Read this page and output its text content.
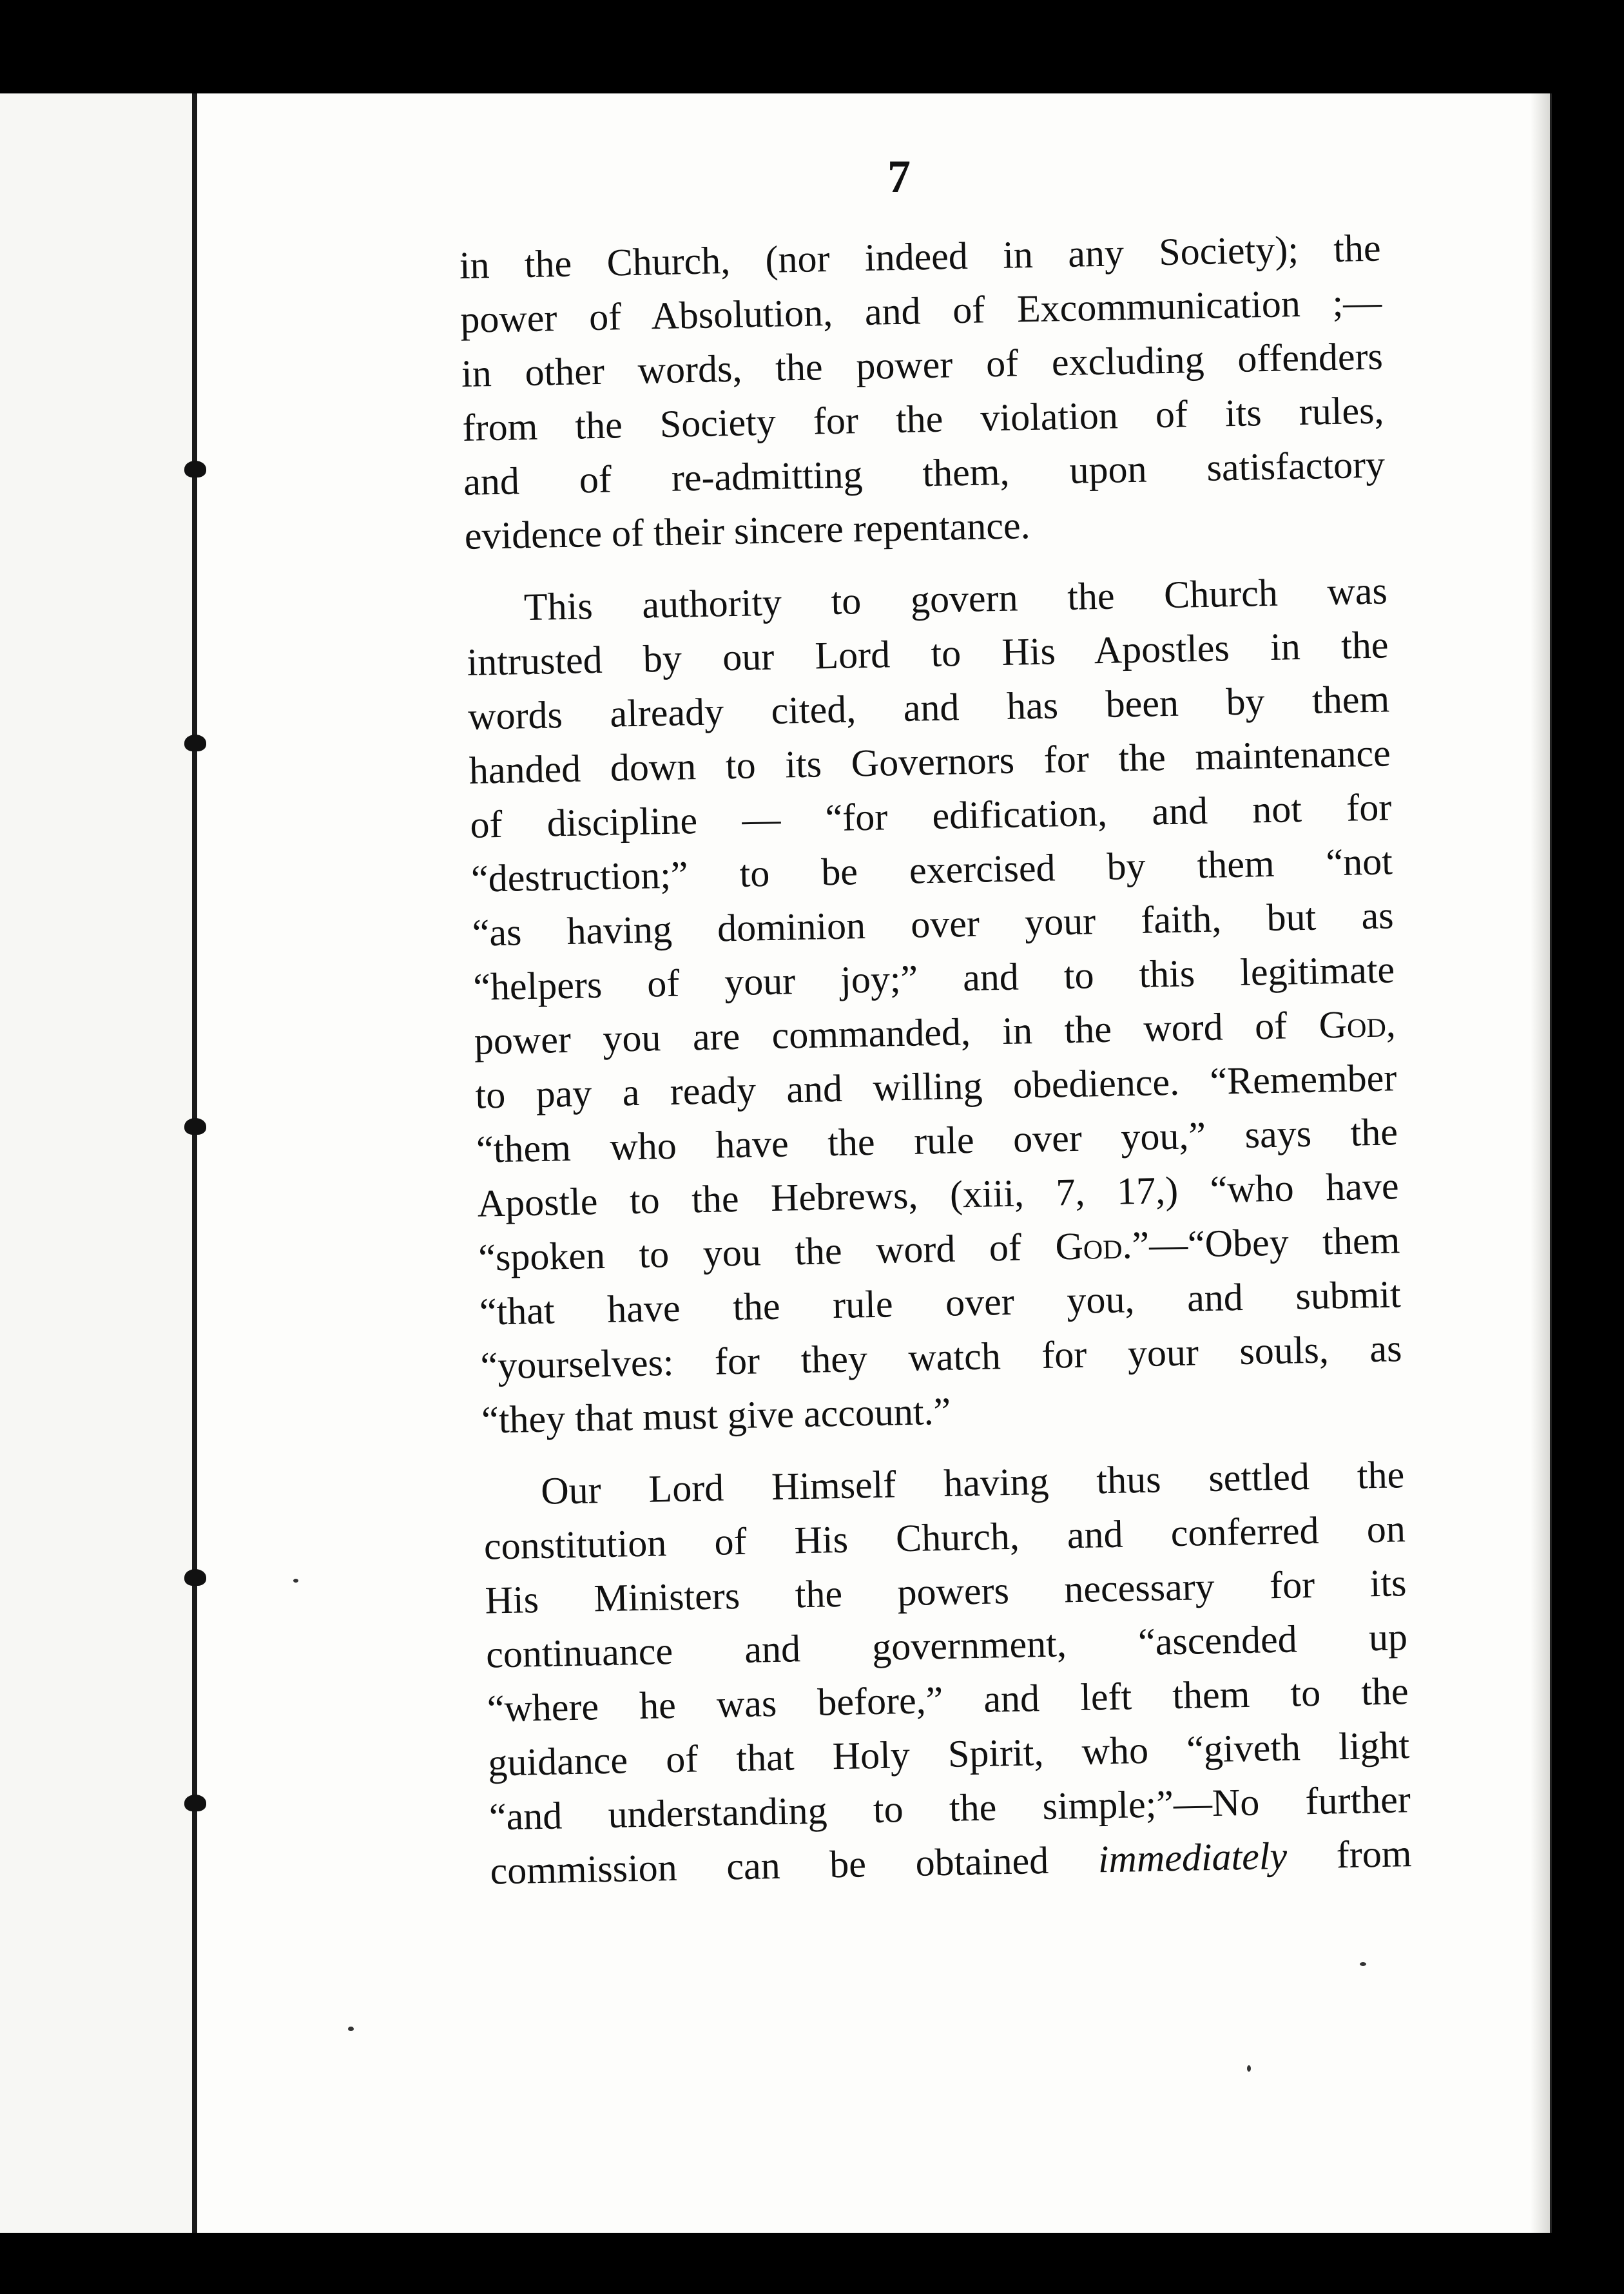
7
in the Church, (nor indeed in any Society); the
power of Absolution, and of Excommunication ;—
in other words, the power of excluding offenders
from the Society for the violation of its rules,
and of re-admitting them, upon satisfactory
evidence of their sincere repentance.
This authority to govern the Church was
intrusted by our Lord to His Apostles in the
words already cited, and has been by them
handed down to its Governors for the maintenance
of discipline — “for edification, and not for
“destruction;” to be exercised by them “not
“as having dominion over your faith, but as
“helpers of your joy;” and to this legitimate
power you are commanded, in the word of God,
to pay a ready and willing obedience. “Remember
“them who have the rule over you,” says the
Apostle to the Hebrews, (xiii, 7, 17,) “who have
“spoken to you the word of God.”—“Obey them
“that have the rule over you, and submit
“yourselves: for they watch for your souls, as
“they that must give account.”
Our Lord Himself having thus settled the
constitution of His Church, and conferred on
His Ministers the powers necessary for its
continuance and government, “ascended up
“where he was before,” and left them to the
guidance of that Holy Spirit, who “giveth light
“and understanding to the simple;”—No further
commission can be obtained immediately from
